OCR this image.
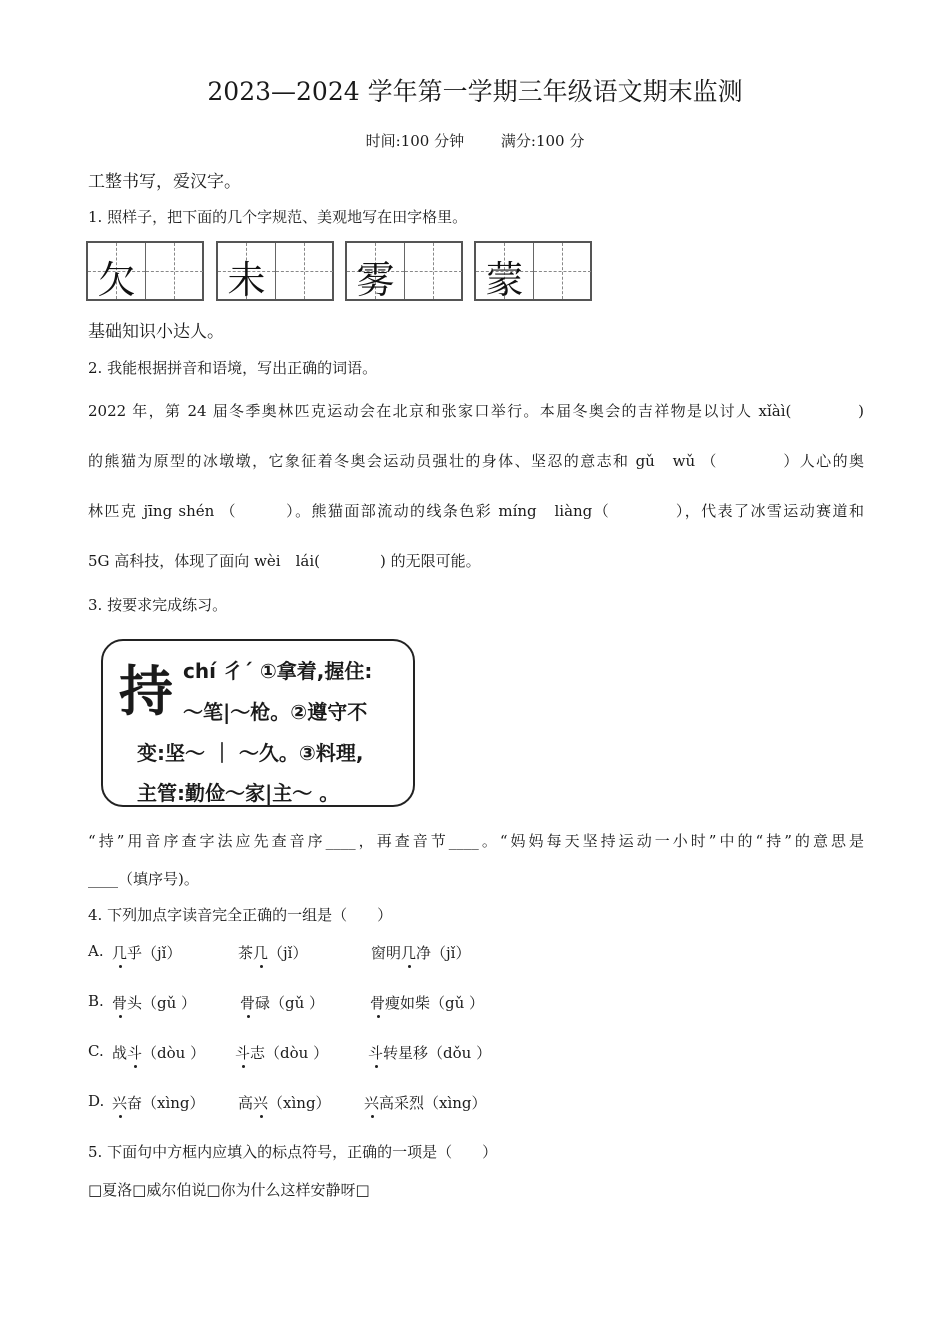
2023—2024 学年第一学期三年级语文期末监测
时间:100 分钟 满分:100 分
工整书写，爱汉字。
1. 照样子，把下面的几个字规范、美观地写在田字格里。
欠 未 雾 蒙
基础知识小达人。
2. 我能根据拼音和语境，写出正确的词语。
2022 年，第 24 届冬季奥林匹克运动会在北京和张家口举行。本届冬奥会的吉祥物是以讨人 xǐàì(　　　　)
的熊猫为原型的冰墩墩，它象征着冬奥会运动员强壮的身体、坚忍的意志和 gǔ　wǔ （　　　　）人心的奥
林匹克 jīng shén （　　　）。熊猫面部流动的线条色彩 míng　liàng（　　　　），代表了冰雪运动赛道和
5G 高科技，体现了面向 wèi　lái(　　　　) 的无限可能。
3. 按要求完成练习。
持 chí 彳´ ①拿着,握住:
～笔|～枪。②遵守不
变:坚～ ｜ ～久。③料理,
主管:勤俭～家|主～ 。
“持”用音序查字法应先查音序____，再查音节____。“妈妈每天坚持运动一小时”中的“持”的意思是
____（填序号)。
4. 下列加点字读音完全正确的一组是（　　）
A. 几乎（jǐ）	茶几（jǐ）	窗明几净（jǐ）
B. 骨头（gǔ ）	骨碌（gǔ ）	骨瘦如柴（gǔ ）
C. 战斗（dòu ） 斗志（dòu ）	斗转星移（dǒu ）
D. 兴奋（xìng） 高兴（xìng） 兴高采烈（xìng）
5. 下面句中方框内应填入的标点符号，正确的一项是（　　）
□夏洛□威尔伯说□你为什么这样安静呀□
